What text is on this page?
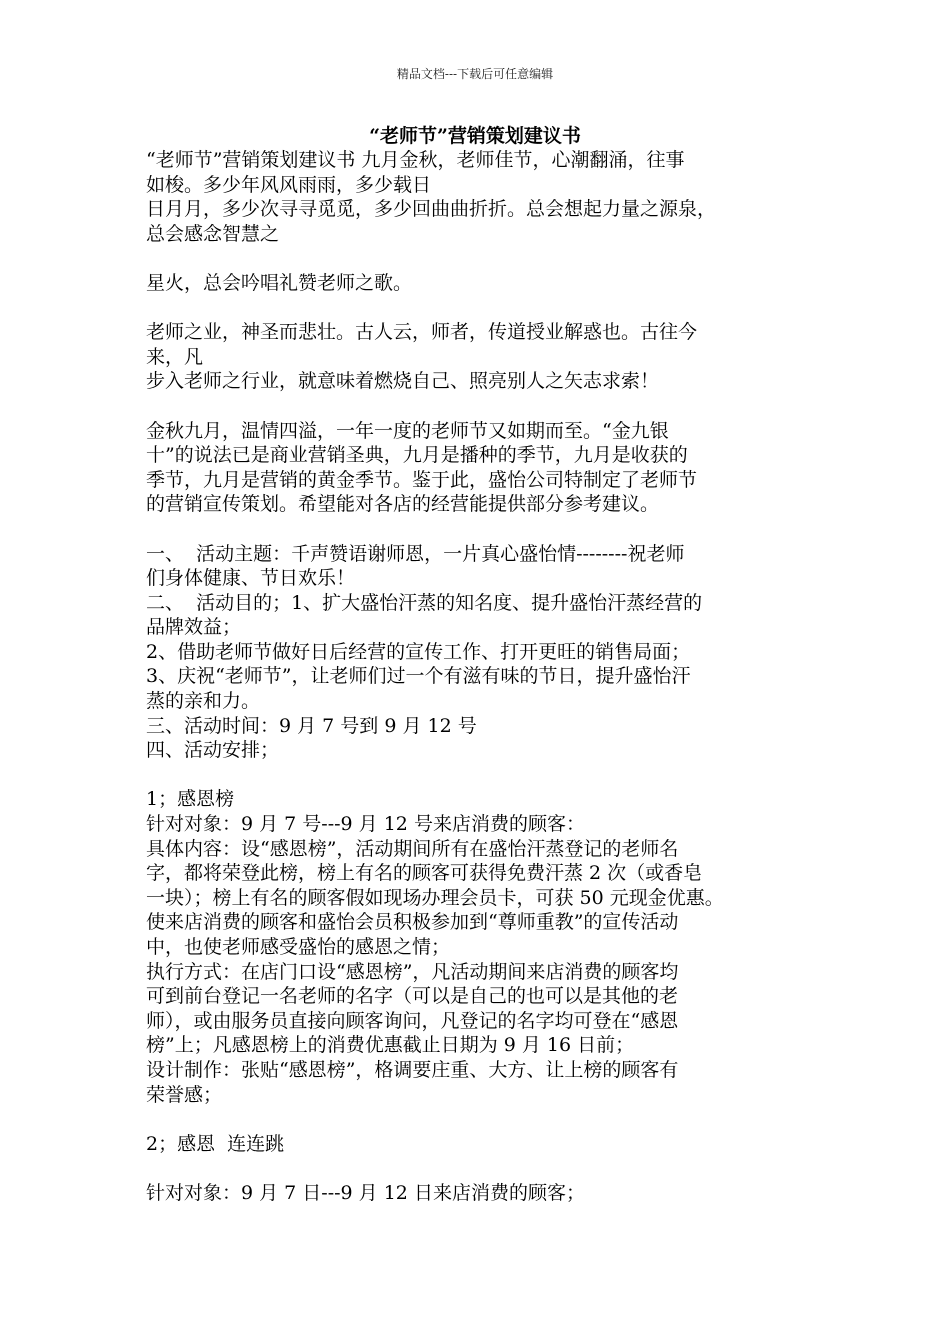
精品文档---下载后可任意编辑
“老师节”营销策划建议书
“老师节”营销策划建议书 九月金秋，老师佳节，心潮翻涌，往事
如梭。多少年风风雨雨，多少载日
日月月，多少次寻寻觅觅，多少回曲曲折折。总会想起力量之源泉，
总会感念智慧之
星火，总会吟唱礼赞老师之歌。
老师之业，神圣而悲壮。古人云，师者，传道授业解惑也。古往今
来，凡
步入老师之行业，就意味着燃烧自己、照亮别人之矢志求索！
金秋九月，温情四溢，一年一度的老师节又如期而至。“金九银
十”的说法已是商业营销圣典，九月是播种的季节，九月是收获的
季节，九月是营销的黄金季节。鉴于此，盛怡公司特制定了老师节
的营销宣传策划。希望能对各店的经营能提供部分参考建议。
一、  活动主题：千声赞语谢师恩，一片真心盛怡情--------祝老师
们身体健康、节日欢乐！
二、  活动目的；1、扩大盛怡汗蒸的知名度、提升盛怡汗蒸经营的
品牌效益；
2、借助老师节做好日后经营的宣传工作、打开更旺的销售局面；
3、庆祝“老师节”，让老师们过一个有滋有味的节日，提升盛怡汗
蒸的亲和力。
三、活动时间：9 月 7 号到 9 月 12 号
四、活动安排；
1；感恩榜
针对对象：9 月 7 号---9 月 12 号来店消费的顾客：
具体内容：设“感恩榜”，活动期间所有在盛怡汗蒸登记的老师名
字，都将荣登此榜，榜上有名的顾客可获得免费汗蒸 2 次（或香皂
一块）；榜上有名的顾客假如现场办理会员卡，可获 50 元现金优惠。
使来店消费的顾客和盛怡会员积极参加到“尊师重教”的宣传活动
中，也使老师感受盛怡的感恩之情；
执行方式：在店门口设“感恩榜”，凡活动期间来店消费的顾客均
可到前台登记一名老师的名字（可以是自己的也可以是其他的老
师），或由服务员直接向顾客询问，凡登记的名字均可登在“感恩
榜”上；凡感恩榜上的消费优惠截止日期为 9 月 16 日前；
设计制作：张贴“感恩榜”，格调要庄重、大方、让上榜的顾客有
荣誉感；
2；感恩  连连跳
针对对象：9 月 7 日---9 月 12 日来店消费的顾客；
